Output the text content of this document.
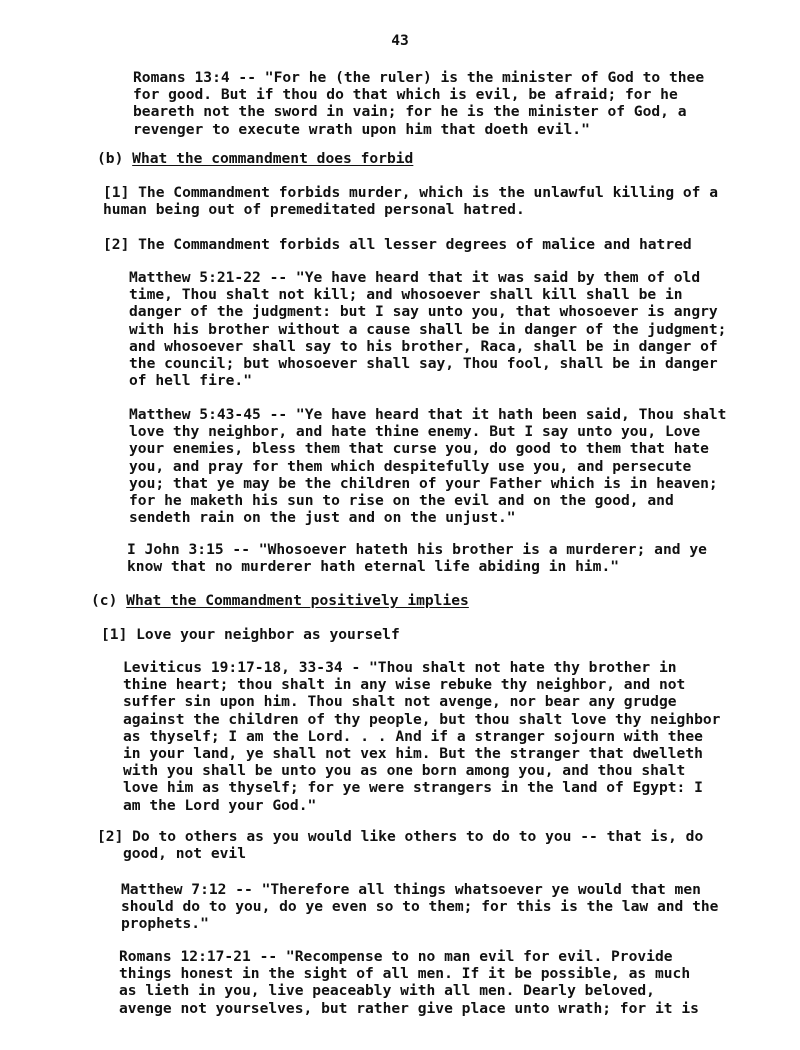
43
Romans 13:4 -- "For he (the ruler) is the minister of God to thee
for good. But if thou do that which is evil, be afraid; for he
beareth not the sword in vain; for he is the minister of God, a
revenger to execute wrath upon him that doeth evil."
(b) What the commandment does forbid
[1] The Commandment forbids murder, which is the unlawful killing of a
human being out of premeditated personal hatred.
[2] The Commandment forbids all lesser degrees of malice and hatred
Matthew 5:21-22 -- "Ye have heard that it was said by them of old
time, Thou shalt not kill; and whosoever shall kill shall be in
danger of the judgment: but I say unto you, that whosoever is angry
with his brother without a cause shall be in danger of the judgment;
and whosoever shall say to his brother, Raca, shall be in danger of
the council; but whosoever shall say, Thou fool, shall be in danger
of hell fire."
Matthew 5:43-45 -- "Ye have heard that it hath been said, Thou shalt
love thy neighbor, and hate thine enemy. But I say unto you, Love
your enemies, bless them that curse you, do good to them that hate
you, and pray for them which despitefully use you, and persecute
you; that ye may be the children of your Father which is in heaven;
for he maketh his sun to rise on the evil and on the good, and
sendeth rain on the just and on the unjust."
I John 3:15 -- "Whosoever hateth his brother is a murderer; and ye
know that no murderer hath eternal life abiding in him."
(c) What the Commandment positively implies
[1] Love your neighbor as yourself
Leviticus 19:17-18, 33-34 - "Thou shalt not hate thy brother in
thine heart; thou shalt in any wise rebuke thy neighbor, and not
suffer sin upon him. Thou shalt not avenge, nor bear any grudge
against the children of thy people, but thou shalt love thy neighbor
as thyself; I am the Lord. . . And if a stranger sojourn with thee
in your land, ye shall not vex him. But the stranger that dwelleth
with you shall be unto you as one born among you, and thou shalt
love him as thyself; for ye were strangers in the land of Egypt: I
am the Lord your God."
[2] Do to others as you would like others to do to you -- that is, do
good, not evil
Matthew 7:12 -- "Therefore all things whatsoever ye would that men
should do to you, do ye even so to them; for this is the law and the
prophets."
Romans 12:17-21 -- "Recompense to no man evil for evil. Provide
things honest in the sight of all men. If it be possible, as much
as lieth in you, live peaceably with all men. Dearly beloved,
avenge not yourselves, but rather give place unto wrath; for it is
